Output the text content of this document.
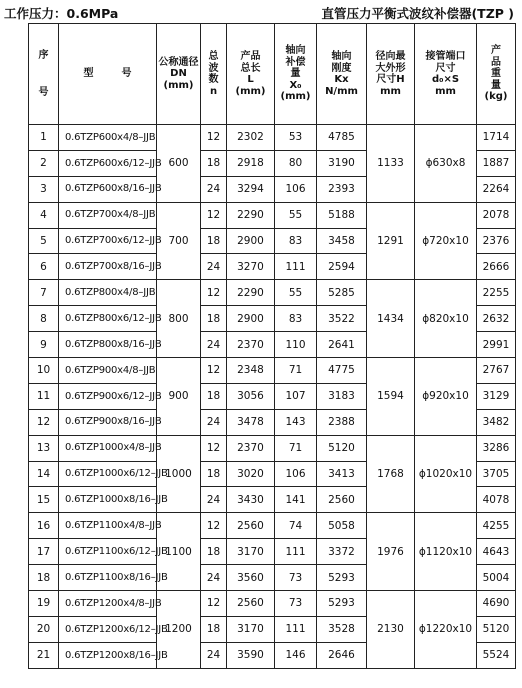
工作压力：0.6MPa	直管压力平衡式波纹补偿器(TZP )
序
号	型 号	公称通径
DN
(mm)	总
波
数
n	产品
总长
L
(mm)	轴向
补偿
量
X₀
(mm)	轴向
刚度
Kx
N/mm	径向最
大外形
尺寸H
mm	接管端口
尺寸
d₀×S
mm	产
品
重
量
(kg)

1	0.6TZP600x4/8–JJB	600	12	2302	53	4785	1133	ϕ630x8	1714
2	0.6TZP600x6/12–JJB		18	2918	80	3190			1887
3	0.6TZP600x8/16–JJB		24	3294	106	2393			2264
4	0.6TZP700x4/8–JJB	700	12	2290	55	5188	1291	ϕ720x10	2078
5	0.6TZP700x6/12–JJB		18	2900	83	3458			2376
6	0.6TZP700x8/16–JJB		24	3270	111	2594			2666
7	0.6TZP800x4/8–JJB	800	12	2290	55	5285	1434	ϕ820x10	2255
8	0.6TZP800x6/12–JJB		18	2900	83	3522			2632
9	0.6TZP800x8/16–JJB		24	2370	110	2641			2991
10	0.6TZP900x4/8–JJB	900	12	2348	71	4775	1594	ϕ920x10	2767
11	0.6TZP900x6/12–JJB		18	3056	107	3183			3129
12	0.6TZP900x8/16–JJB		24	3478	143	2388			3482
13	0.6TZP1000x4/8–JJB	1000	12	2370	71	5120	1768	ϕ1020x10	3286
14	0.6TZP1000x6/12–JJB		18	3020	106	3413			3705
15	0.6TZP1000x8/16–JJB		24	3430	141	2560			4078
16	0.6TZP1100x4/8–JJB	1100	12	2560	74	5058	1976	ϕ1120x10	4255
17	0.6TZP1100x6/12–JJB		18	3170	111	3372			4643
18	0.6TZP1100x8/16–JJB		24	3560	73	5293			5004
19	0.6TZP1200x4/8–JJB	1200	12	2560	73	5293	2130	ϕ1220x10	4690
20	0.6TZP1200x6/12–JJB		18	3170	111	3528			5120
21	0.6TZP1200x8/16–JJB		24	3590	146	2646			5524
